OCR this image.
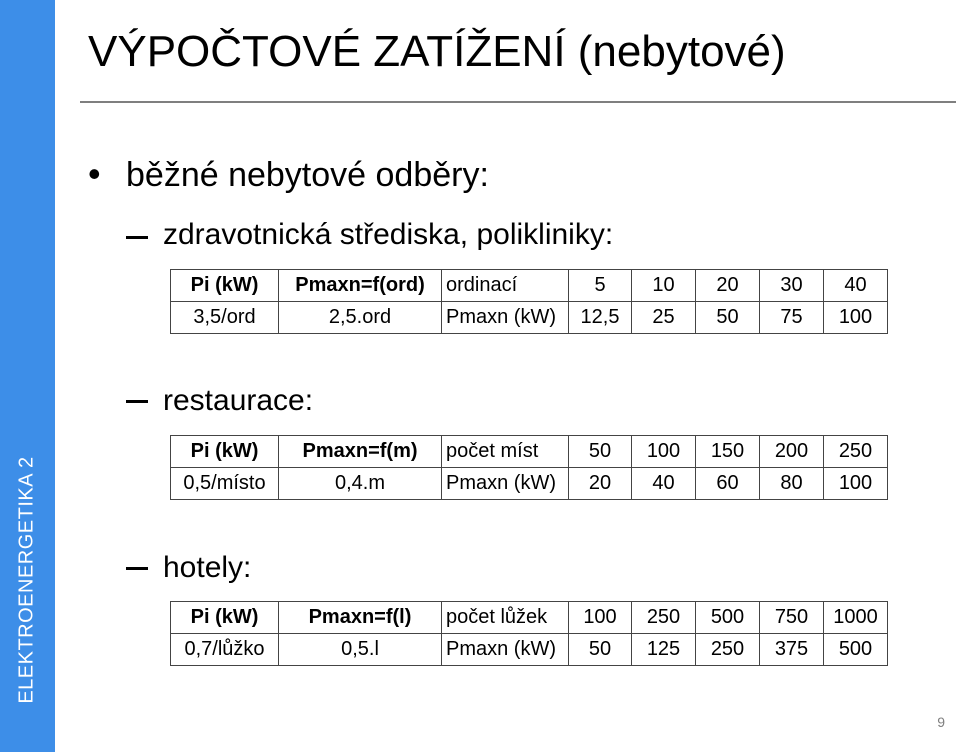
ELEKTROENERGETIKA 2
VÝPOČTOVÉ ZATÍŽENÍ (nebytové)
• běžné nebytové odběry:
zdravotnická střediska, polikliniky:
Pi (kW)	Pmaxn=f(ord)	ordinací	5	10	20	30	40
3,5/ord	2,5.ord	Pmaxn (kW)	12,5	25	50	75	100
restaurace:
Pi (kW)	Pmaxn=f(m)	počet míst	50	100	150	200	250
0,5/místo	0,4.m	Pmaxn (kW)	20	40	60	80	100
hotely:
Pi (kW)	Pmaxn=f(l)	počet lůžek	100	250	500	750	1000
0,7/lůžko	0,5.l	Pmaxn (kW)	50	125	250	375	500
9
